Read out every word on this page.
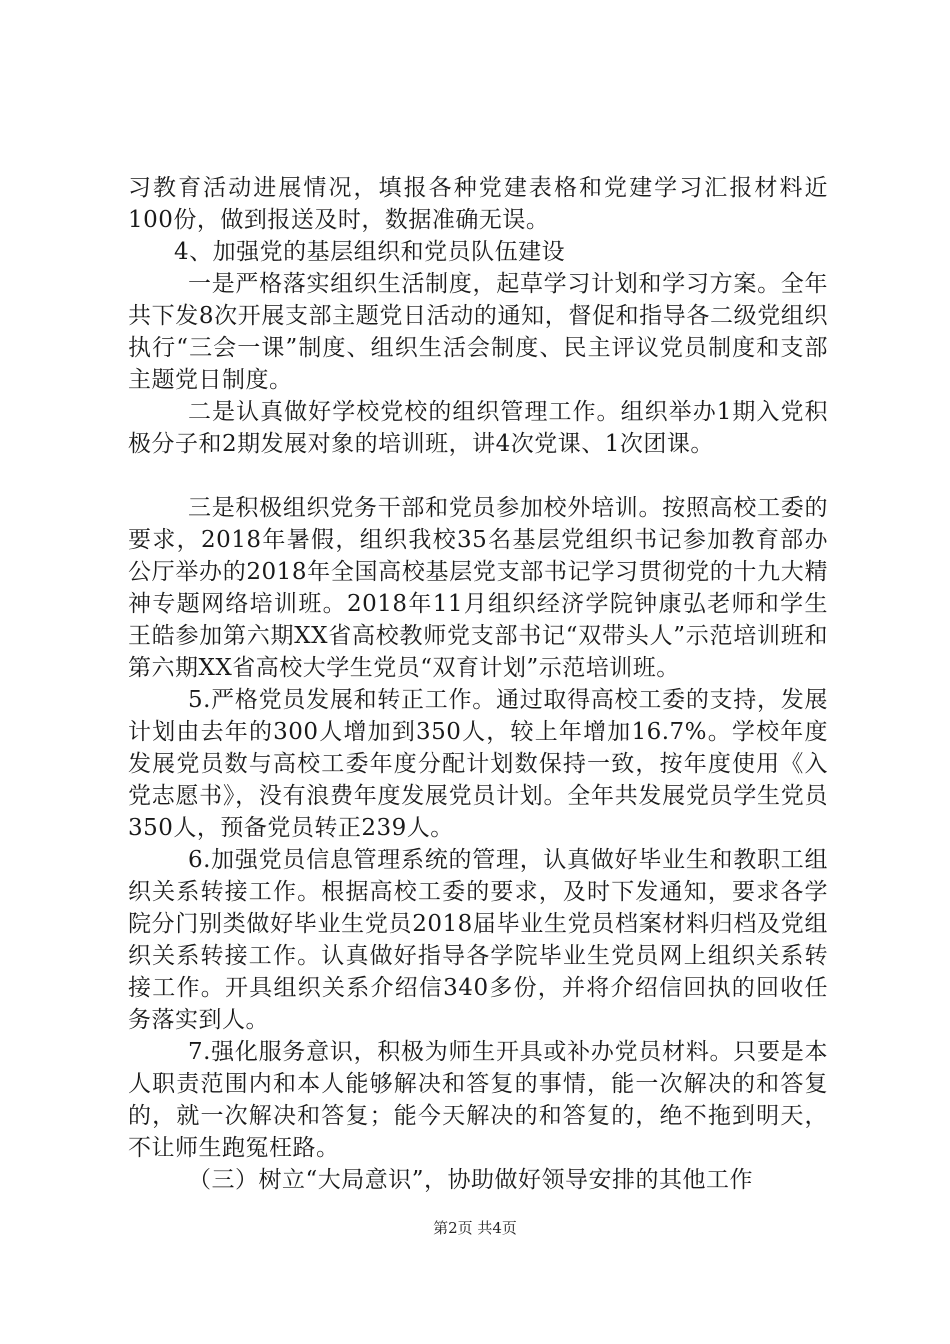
习教育活动进展情况，填报各种党建表格和党建学习汇报材料近100份，做到报送及时，数据准确无误。

4、加强党的基层组织和党员队伍建设

一是严格落实组织生活制度，起草学习计划和学习方案。全年共下发8次开展支部主题党日活动的通知，督促和指导各二级党组织执行“三会一课”制度、组织生活会制度、民主评议党员制度和支部主题党日制度。

二是认真做好学校党校的组织管理工作。组织举办1期入党积极分子和2期发展对象的培训班，讲4次党课、1次团课。

三是积极组织党务干部和党员参加校外培训。按照高校工委的要求，2018年暑假，组织我校35名基层党组织书记参加教育部办公厅举办的2018年全国高校基层党支部书记学习贯彻党的十九大精神专题网络培训班。2018年11月组织经济学院钟康弘老师和学生王皓参加第六期XX省高校教师党支部书记“双带头人”示范培训班和第六期XX省高校大学生党员“双育计划”示范培训班。

5.严格党员发展和转正工作。通过取得高校工委的支持，发展计划由去年的300人增加到350人，较上年增加16.7%。学校年度发展党员数与高校工委年度分配计划数保持一致，按年度使用《入党志愿书》，没有浪费年度发展党员计划。全年共发展党员学生党员350人，预备党员转正239人。

6.加强党员信息管理系统的管理，认真做好毕业生和教职工组织关系转接工作。根据高校工委的要求，及时下发通知，要求各学院分门别类做好毕业生党员2018届毕业生党员档案材料归档及党组织关系转接工作。认真做好指导各学院毕业生党员网上组织关系转接工作。开具组织关系介绍信340多份，并将介绍信回执的回收任务落实到人。

7.强化服务意识，积极为师生开具或补办党员材料。只要是本人职责范围内和本人能够解决和答复的事情，能一次解决的和答复的，就一次解决和答复；能今天解决的和答复的，绝不拖到明天，不让师生跑冤枉路。

（三）树立“大局意识”，协助做好领导安排的其他工作

第2页 共4页
